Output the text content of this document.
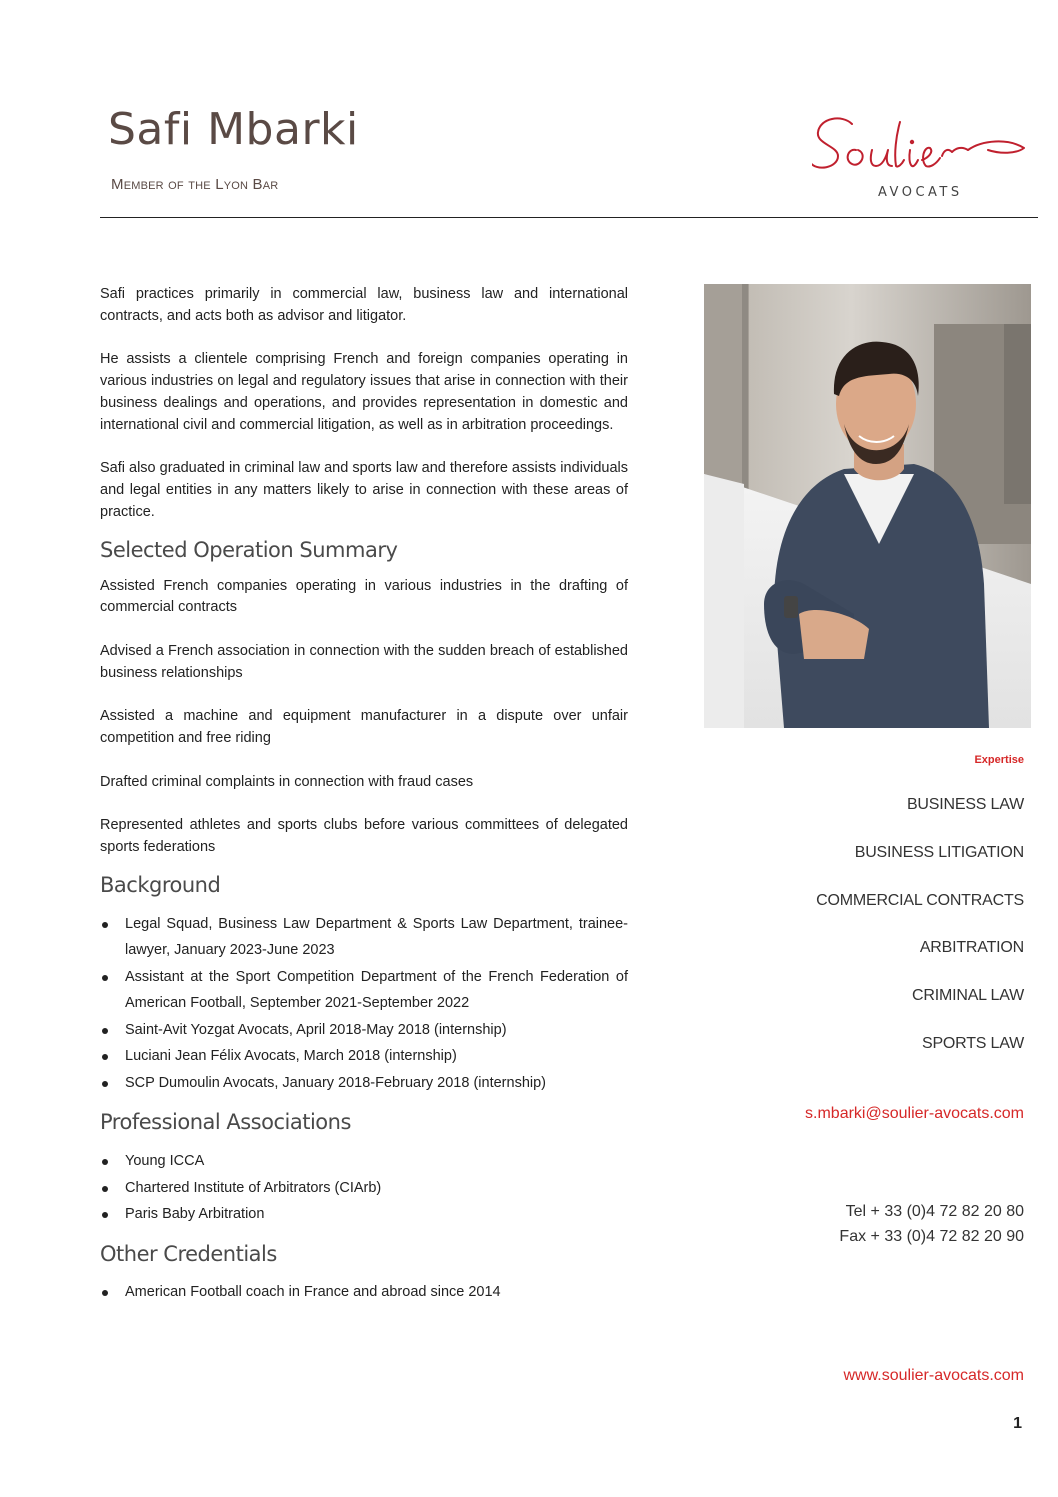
Safi Mbarki
Member of the Lyon Bar	AVOCATS

Safi practices primarily in commercial law, business law and international contracts, and acts both as advisor and litigator.

He assists a clientele comprising French and foreign companies operating in various industries on legal and regulatory issues that arise in connection with their business dealings and operations, and provides representation in domestic and international civil and commercial litigation, as well as in arbitration proceedings.

Safi also graduated in criminal law and sports law and therefore assists individuals and legal entities in any matters likely to arise in connection with these areas of practice.

Selected Operation Summary

Assisted French companies operating in various industries in the drafting of commercial contracts

Advised a French association in connection with the sudden breach of established business relationships

Assisted a machine and equipment manufacturer in a dispute over unfair competition and free riding

Drafted criminal complaints in connection with fraud cases

Represented athletes and sports clubs before various committees of delegated sports federations

Background
Legal Squad, Business Law Department & Sports Law Department, trainee-lawyer, January 2023-June 2023
Assistant at the Sport Competition Department of the French Federation of American Football, September 2021-September 2022
Saint-Avit Yozgat Avocats, April 2018-May 2018 (internship)
Luciani Jean Félix Avocats, March 2018 (internship)
SCP Dumoulin Avocats, January 2018-February 2018 (internship)
Professional Associations
Young ICCA
Chartered Institute of Arbitrators (CIArb)
Paris Baby Arbitration
Other Credentials
American Football coach in France and abroad since 2014
Expertise
BUSINESS LAW
BUSINESS LITIGATION
COMMERCIAL CONTRACTS
ARBITRATION
CRIMINAL LAW
SPORTS LAW
s.mbarki@soulier-avocats.com
Tel + 33 (0)4 72 82 20 80
Fax + 33 (0)4 72 82 20 90
www.soulier-avocats.com
1
